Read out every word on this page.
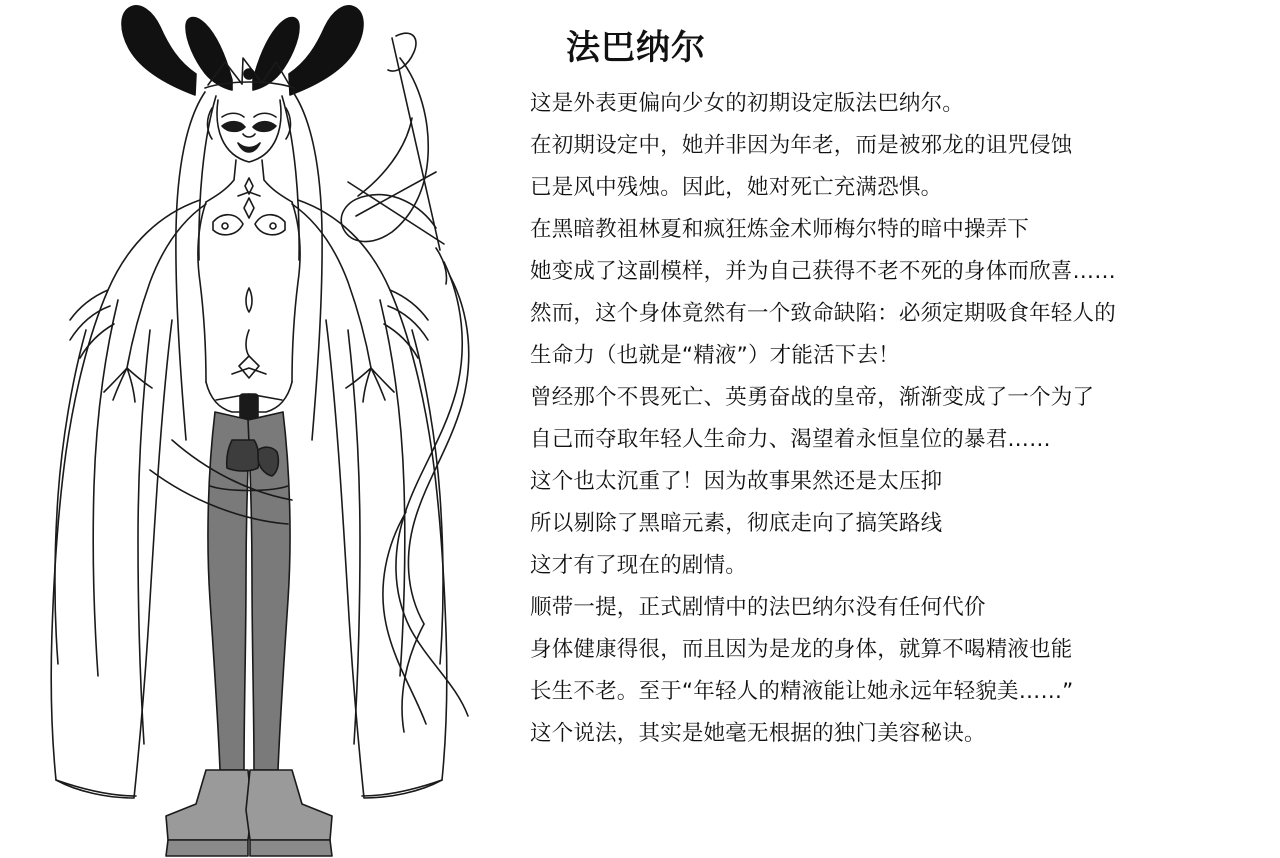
法巴纳尔
这是外表更偏向少女的初期设定版法巴纳尔。
在初期设定中，她并非因为年老，而是被邪龙的诅咒侵蚀
已是风中残烛。因此，她对死亡充满恐惧。
在黑暗教祖林夏和疯狂炼金术师梅尔特的暗中操弄下
她变成了这副模样，并为自己获得不老不死的身体而欣喜……
然而，这个身体竟然有一个致命缺陷：必须定期吸食年轻人的
生命力（也就是“精液”）才能活下去！
曾经那个不畏死亡、英勇奋战的皇帝，渐渐变成了一个为了
自己而夺取年轻人生命力、渴望着永恒皇位的暴君……
这个也太沉重了！因为故事果然还是太压抑
所以剔除了黑暗元素，彻底走向了搞笑路线
这才有了现在的剧情。
顺带一提，正式剧情中的法巴纳尔没有任何代价
身体健康得很，而且因为是龙的身体，就算不喝精液也能
长生不老。至于“年轻人的精液能让她永远年轻貌美……”
这个说法，其实是她毫无根据的独门美容秘诀。
